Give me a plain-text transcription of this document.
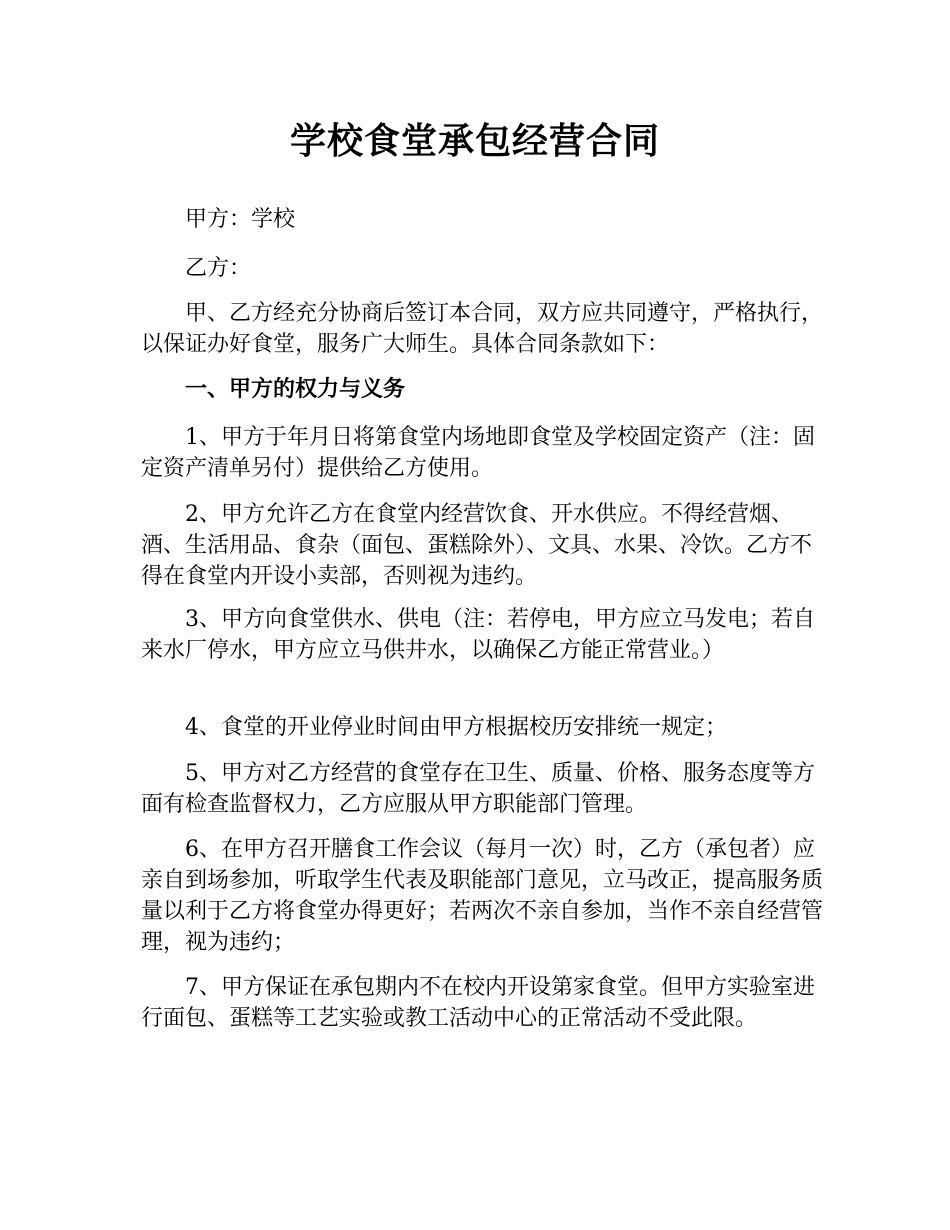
学校食堂承包经营合同

甲方：学校

乙方：

甲、乙方经充分协商后签订本合同，双方应共同遵守，严格执行，以保证办好食堂，服务广大师生。具体合同条款如下：

一、甲方的权力与义务

1、甲方于年月日将第食堂内场地即食堂及学校固定资产（注：固定资产清单另付）提供给乙方使用。

2、甲方允许乙方在食堂内经营饮食、开水供应。不得经营烟、酒、生活用品、食杂（面包、蛋糕除外）、文具、水果、冷饮。乙方不得在食堂内开设小卖部，否则视为违约。

3、甲方向食堂供水、供电（注：若停电，甲方应立马发电；若自来水厂停水，甲方应立马供井水，以确保乙方能正常营业。）

4、食堂的开业停业时间由甲方根据校历安排统一规定；

5、甲方对乙方经营的食堂存在卫生、质量、价格、服务态度等方面有检查监督权力，乙方应服从甲方职能部门管理。

6、在甲方召开膳食工作会议（每月一次）时，乙方（承包者）应亲自到场参加，听取学生代表及职能部门意见，立马改正，提高服务质量以利于乙方将食堂办得更好；若两次不亲自参加，当作不亲自经营管理，视为违约；

7、甲方保证在承包期内不在校内开设第家食堂。但甲方实验室进行面包、蛋糕等工艺实验或教工活动中心的正常活动不受此限。
